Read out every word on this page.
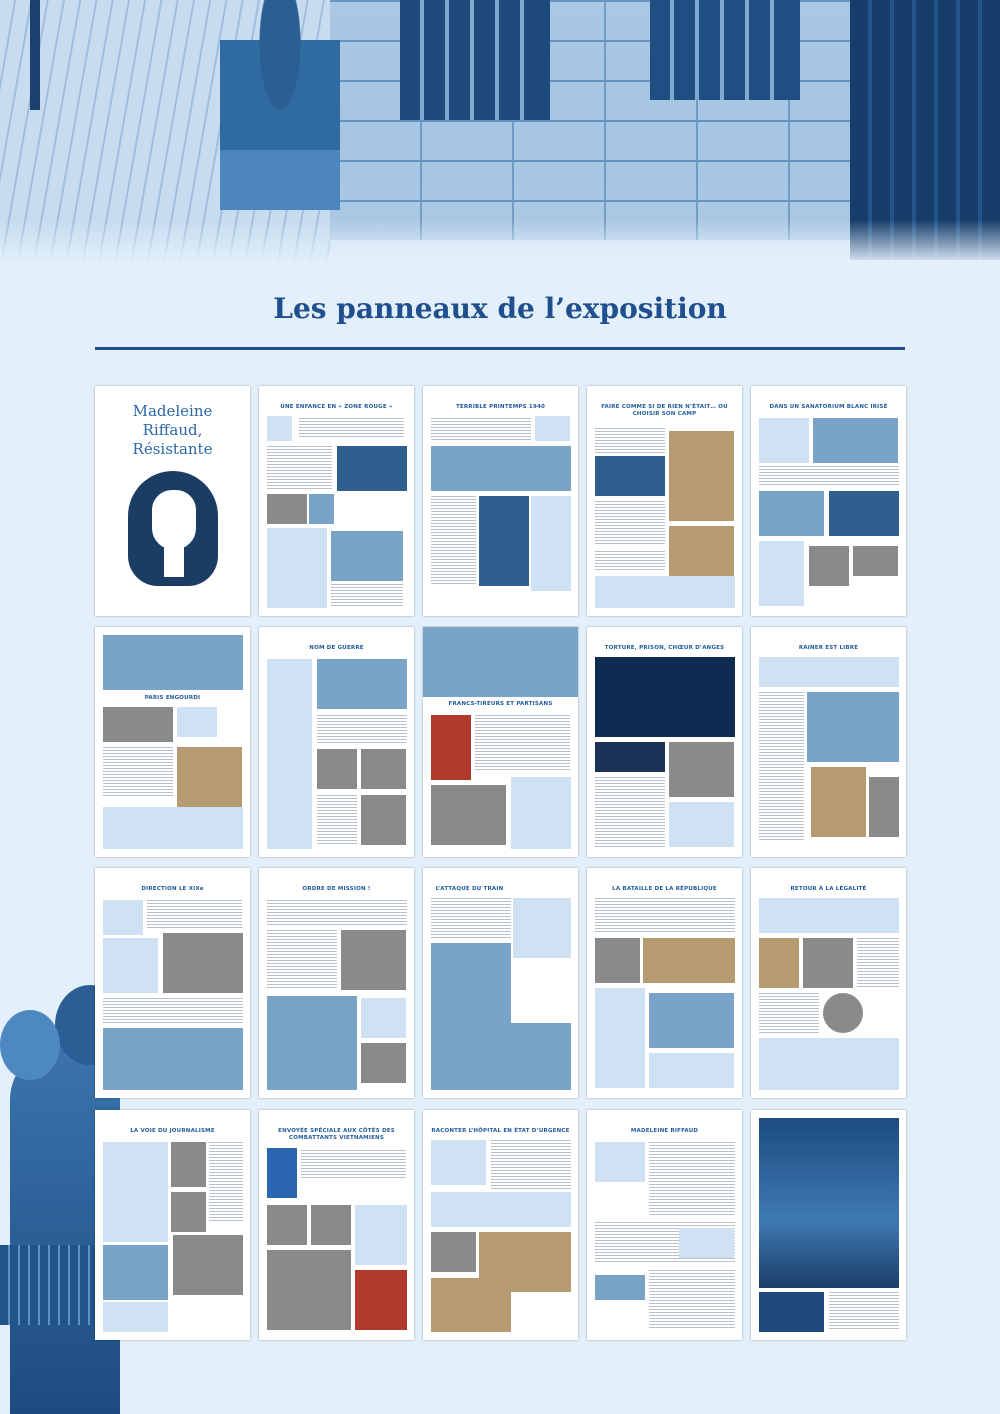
Les panneaux de l’exposition
Madeleine
Riffaud,
Résistante
UNE ENFANCE EN « ZONE ROUGE »	TERRIBLE PRINTEMPS 1940	FAIRE COMME SI DE RIEN N’ÉTAIT… OU CHOISIR SON CAMP
DANS UN SANATORIUM BLANC IRISÉ
PARIS ENGOURDI
NOM DE GUERRE
FRANCS-TIREURS ET PARTISANS
TORTURE, PRISON, CHŒUR D’ANGES	RAINER EST LIBRE
DIRECTION LE XIXe	ORDRE DE MISSION !	L’ATTAQUE DU TRAIN	LA BATAILLE DE LA RÉPUBLIQUE	RETOUR À LA LÉGALITÉ
LA VOIE DU JOURNALISME	ENVOYÉE SPÉCIALE AUX CÔTÉS DES COMBATTANTS VIETNAMIENS
RACONTER L’HÔPITAL EN ÉTAT D’URGENCE	MADELEINE RIFFAUD
